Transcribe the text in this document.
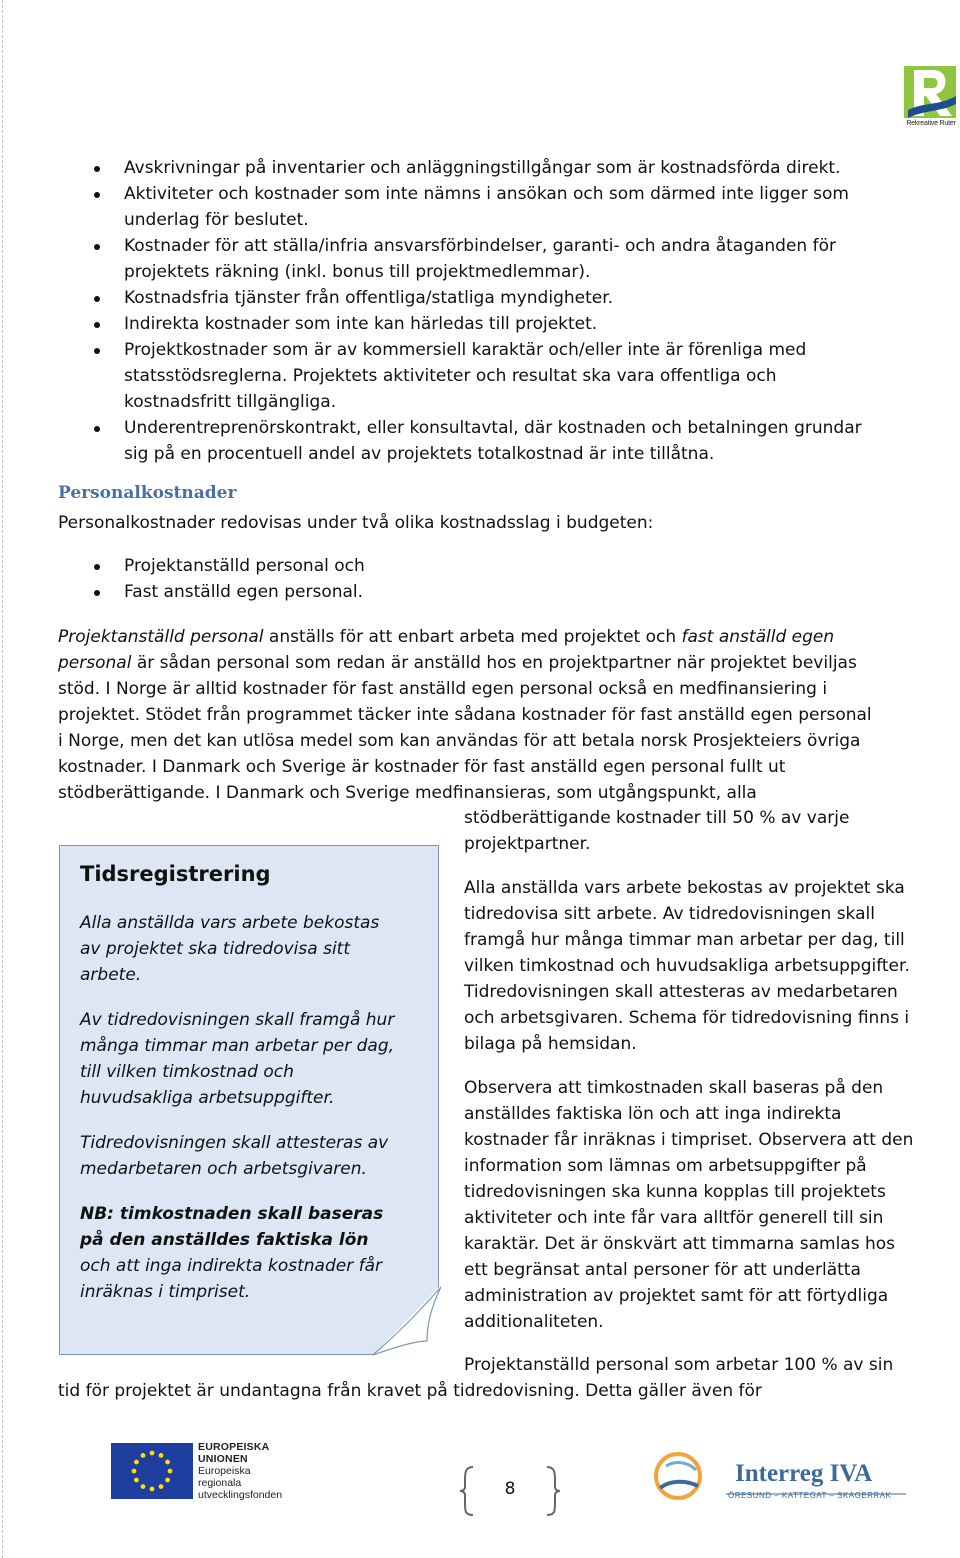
Rekreative Ruter
Avskrivningar på inventarier och anläggningstillgångar som är kostnadsförda direkt.
Aktiviteter och kostnader som inte nämns i ansökan och som därmed inte ligger som
underlag för beslutet.
Kostnader för att ställa/infria ansvarsförbindelser, garanti- och andra åtaganden för
projektets räkning (inkl. bonus till projektmedlemmar).
Kostnadsfria tjänster från offentliga/statliga myndigheter.
Indirekta kostnader som inte kan härledas till projektet.
Projektkostnader som är av kommersiell karaktär och/eller inte är förenliga med
statsstödsreglerna. Projektets aktiviteter och resultat ska vara offentliga och
kostnadsfritt tillgängliga.
Underentreprenörskontrakt, eller konsultavtal, där kostnaden och betalningen grundar
sig på en procentuell andel av projektets totalkostnad är inte tillåtna.
Personalkostnader
Personalkostnader redovisas under två olika kostnadsslag i budgeten:
Projektanställd personal och
Fast anställd egen personal.
Projektanställd personal anställs för att enbart arbeta med projektet och fast anställd egen
personal är sådan personal som redan är anställd hos en projektpartner när projektet beviljas
stöd. I Norge är alltid kostnader för fast anställd egen personal också en medfinansiering i
projektet. Stödet från programmet täcker inte sådana kostnader för fast anställd egen personal
i Norge, men det kan utlösa medel som kan användas för att betala norsk Prosjekteiers övriga
kostnader. I Danmark och Sverige är kostnader för fast anställd egen personal fullt ut
stödberättigande. I Danmark och Sverige medfinansieras, som utgångspunkt, alla
stödberättigande kostnader till 50 % av varje
projektpartner.
Alla anställda vars arbete bekostas av projektet ska
tidredovisa sitt arbete. Av tidredovisningen skall
framgå hur många timmar man arbetar per dag, till
vilken timkostnad och huvudsakliga arbetsuppgifter.
Tidredovisningen skall attesteras av medarbetaren
och arbetsgivaren. Schema för tidredovisning finns i
bilaga på hemsidan.
Observera att timkostnaden skall baseras på den
anställdes faktiska lön och att inga indirekta
kostnader får inräknas i timpriset. Observera att den
information som lämnas om arbetsuppgifter på
tidredovisningen ska kunna kopplas till projektets
aktiviteter och inte får vara alltför generell till sin
karaktär. Det är önskvärt att timmarna samlas hos
ett begränsat antal personer för att underlätta
administration av projektet samt för att förtydliga
additionaliteten.
Projektanställd personal som arbetar 100 % av sin
tid för projektet är undantagna från kravet på tidredovisning. Detta gäller även för
Tidsregistrering
Alla anställda vars arbete bekostas
av projektet ska tidredovisa sitt
arbete.
Av tidredovisningen skall framgå hur
många timmar man arbetar per dag,
till vilken timkostnad och
huvudsakliga arbetsuppgifter.
Tidredovisningen skall attesteras av
medarbetaren och arbetsgivaren.
NB: timkostnaden skall baseras
på den anställdes faktiska lön
och att inga indirekta kostnader får
inräknas i timpriset.
EUROPEISKA
UNIONEN
Europeiska
regionala
utvecklingsfonden	8
Interreg IVA
ÖRESUND – KATTEGAT – SKAGERRAK
